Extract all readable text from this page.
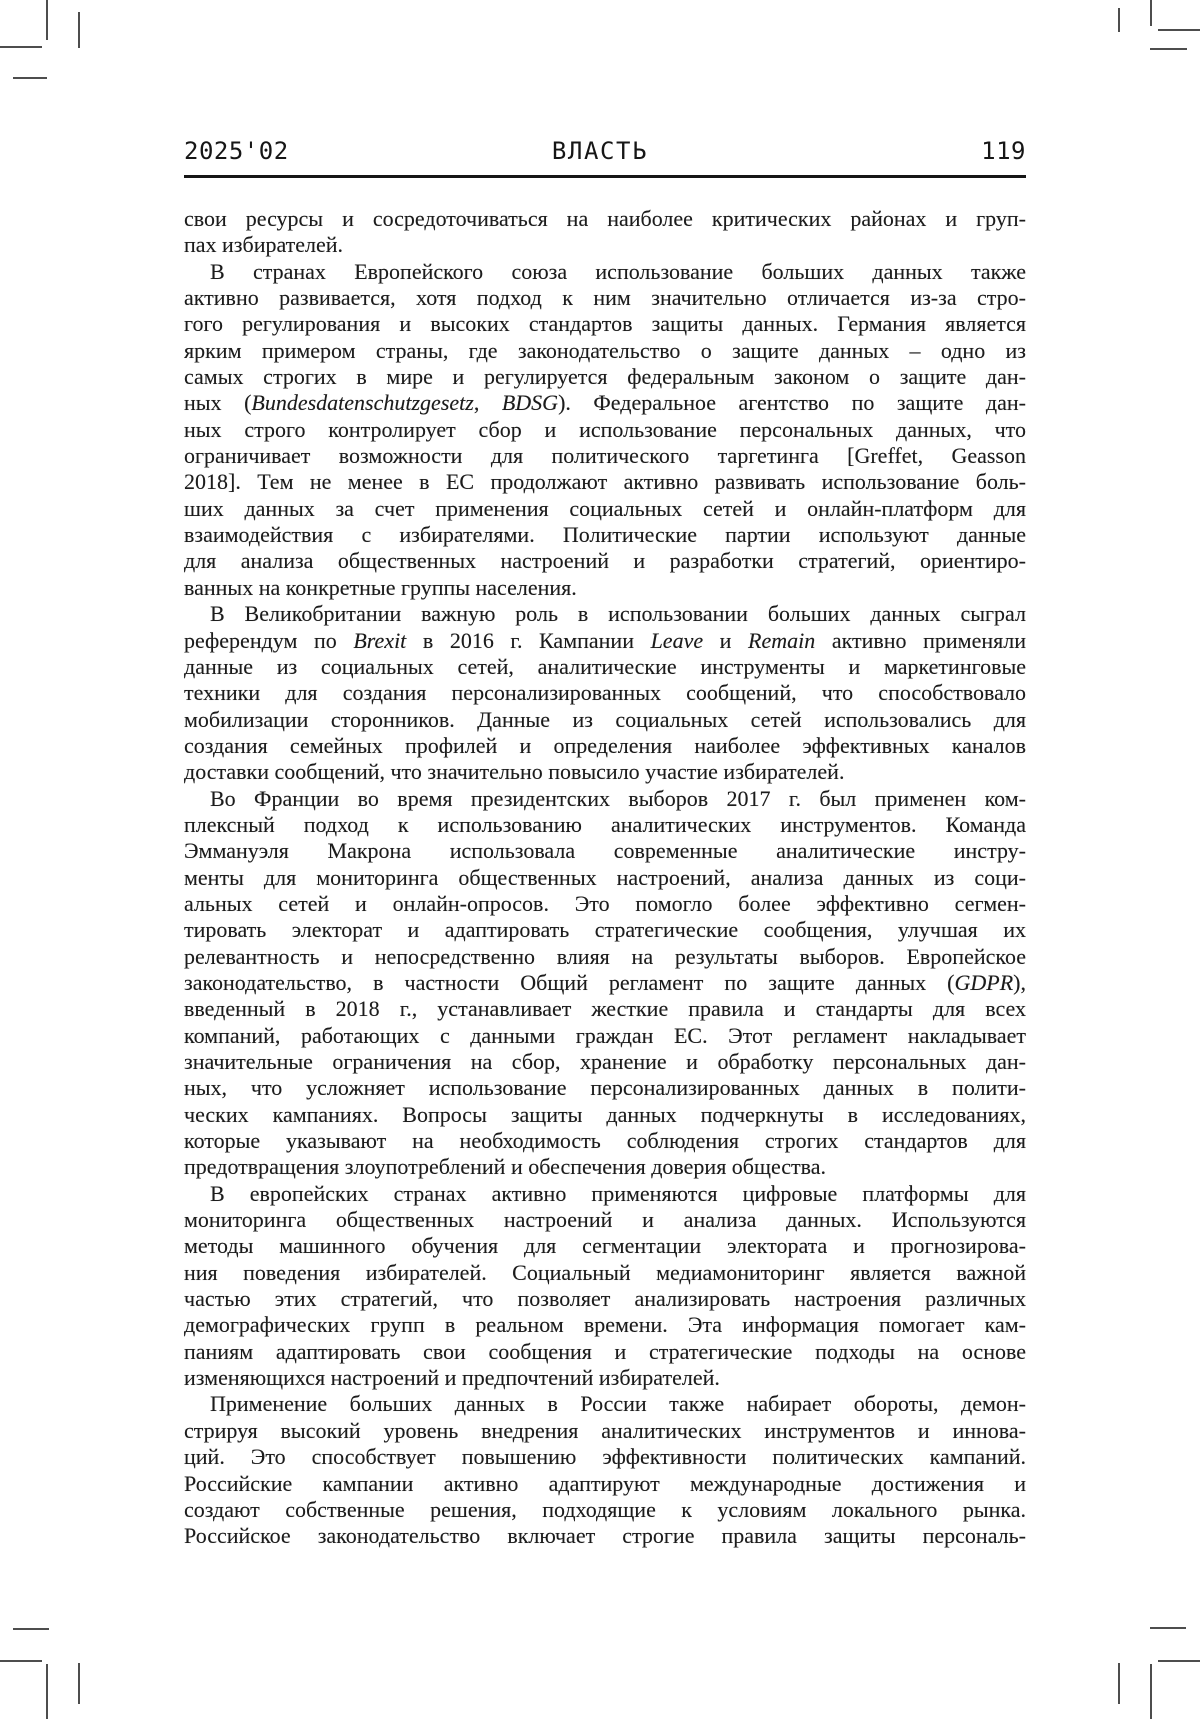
2025'02	ВЛАСТЬ	119
свои ресурсы и сосредоточиваться на наиболее критических районах и груп-
пах избирателей.
В странах Европейского союза использование больших данных также
активно развивается, хотя подход к ним значительно отличается из-за стро-
гого регулирования и высоких стандартов защиты данных. Германия является
ярким примером страны, где законодательство о защите данных – одно из
самых строгих в мире и регулируется федеральным законом о защите дан-
ных (Bundesdatenschutzgesetz, BDSG). Федеральное агентство по защите дан-
ных строго контролирует сбор и использование персональных данных, что
ограничивает возможности для политического таргетинга [Greffet, Geasson
2018]. Тем не менее в ЕС продолжают активно развивать использование боль-
ших данных за счет применения социальных сетей и онлайн-платформ для
взаимодействия с избирателями. Политические партии используют данные
для анализа общественных настроений и разработки стратегий, ориентиро-
ванных на конкретные группы населения.
В Великобритании важную роль в использовании больших данных сыграл
референдум по Brexit в 2016 г. Кампании Leave и Remain активно применяли
данные из социальных сетей, аналитические инструменты и маркетинговые
техники для создания персонализированных сообщений, что способствовало
мобилизации сторонников. Данные из социальных сетей использовались для
создания семейных профилей и определения наиболее эффективных каналов
доставки сообщений, что значительно повысило участие избирателей.
Во Франции во время президентских выборов 2017 г. был применен ком-
плексный подход к использованию аналитических инструментов. Команда
Эммануэля Макрона использовала современные аналитические инстру-
менты для мониторинга общественных настроений, анализа данных из соци-
альных сетей и онлайн-опросов. Это помогло более эффективно сегмен-
тировать электорат и адаптировать стратегические сообщения, улучшая их
релевантность и непосредственно влияя на результаты выборов. Европейское
законодательство, в частности Общий регламент по защите данных (GDPR),
введенный в 2018 г., устанавливает жесткие правила и стандарты для всех
компаний, работающих с данными граждан ЕС. Этот регламент накладывает
значительные ограничения на сбор, хранение и обработку персональных дан-
ных, что усложняет использование персонализированных данных в полити-
ческих кампаниях. Вопросы защиты данных подчеркнуты в исследованиях,
которые указывают на необходимость соблюдения строгих стандартов для
предотвращения злоупотреблений и обеспечения доверия общества.
В европейских странах активно применяются цифровые платформы для
мониторинга общественных настроений и анализа данных. Используются
методы машинного обучения для сегментации электората и прогнозирова-
ния поведения избирателей. Социальный медиамониторинг является важной
частью этих стратегий, что позволяет анализировать настроения различных
демографических групп в реальном времени. Эта информация помогает кам-
паниям адаптировать свои сообщения и стратегические подходы на основе
изменяющихся настроений и предпочтений избирателей.
Применение больших данных в России также набирает обороты, демон-
стрируя высокий уровень внедрения аналитических инструментов и иннова-
ций. Это способствует повышению эффективности политических кампаний.
Российские кампании активно адаптируют международные достижения и
создают собственные решения, подходящие к условиям локального рынка.
Российское законодательство включает строгие правила защиты персональ-
